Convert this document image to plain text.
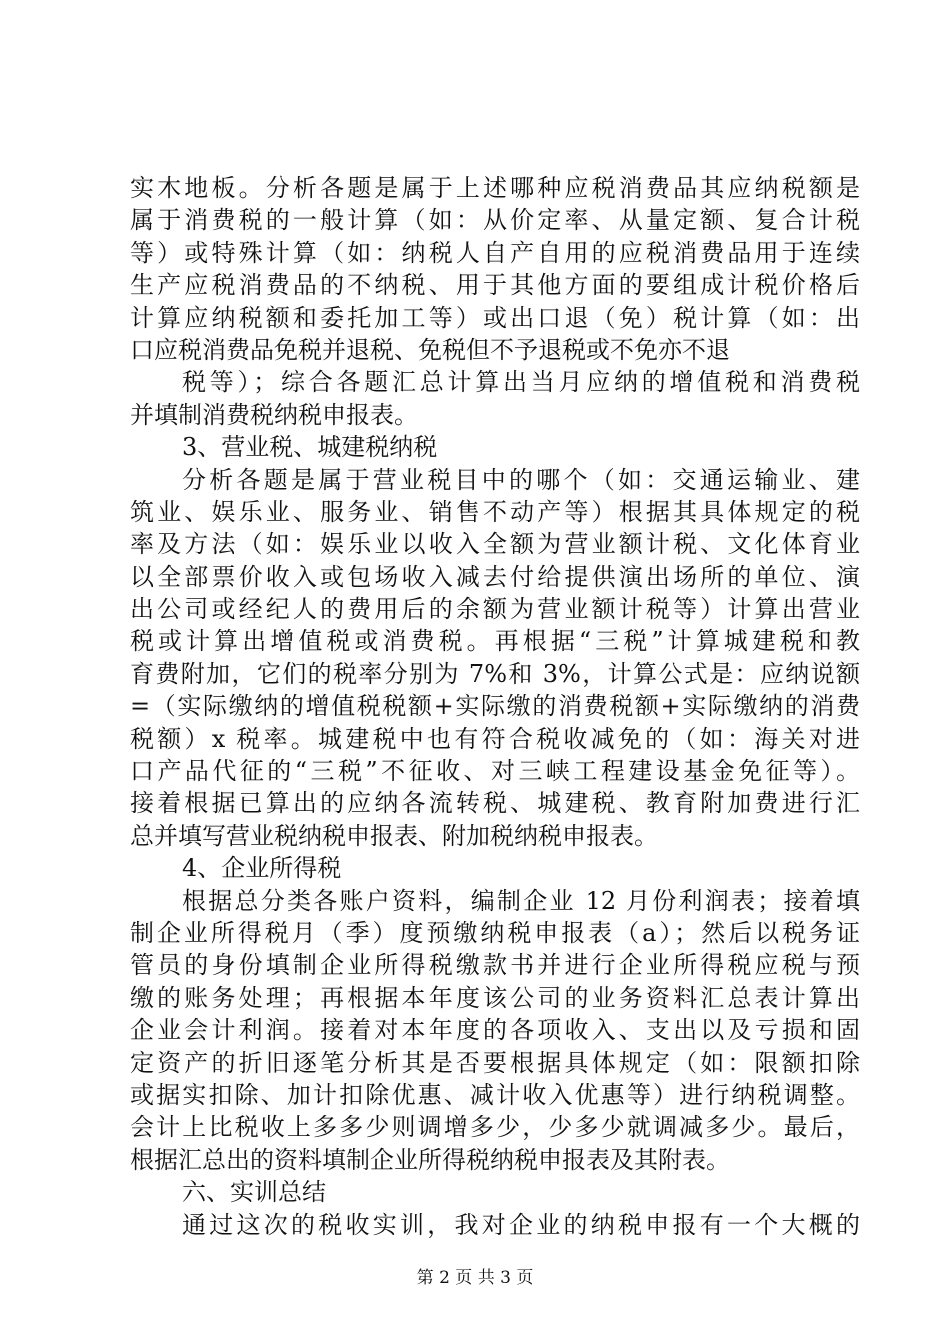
实木地板。分析各题是属于上述哪种应税消费品其应纳税额是
属于消费税的一般计算（如：从价定率、从量定额、复合计税
等）或特殊计算（如：纳税人自产自用的应税消费品用于连续
生产应税消费品的不纳税、用于其他方面的要组成计税价格后
计算应纳税额和委托加工等）或出口退（免）税计算（如：出
口应税消费品免税并退税、免税但不予退税或不免亦不退
税等）；综合各题汇总计算出当月应纳的增值税和消费税
并填制消费税纳税申报表。
3、营业税、城建税纳税
分析各题是属于营业税目中的哪个（如：交通运输业、建
筑业、娱乐业、服务业、销售不动产等）根据其具体规定的税
率及方法（如：娱乐业以收入全额为营业额计税、文化体育业
以全部票价收入或包场收入减去付给提供演出场所的单位、演
出公司或经纪人的费用后的余额为营业额计税等）计算出营业
税或计算出增值税或消费税。再根据“三税”计算城建税和教
育费附加，它们的税率分别为 7%和 3%，计算公式是：应纳说额
=（实际缴纳的增值税税额+实际缴的消费税额+实际缴纳的消费
税额）x 税率。城建税中也有符合税收减免的（如：海关对进
口产品代征的“三税”不征收、对三峡工程建设基金免征等）。
接着根据已算出的应纳各流转税、城建税、教育附加费进行汇
总并填写营业税纳税申报表、附加税纳税申报表。
4、企业所得税
根据总分类各账户资料，编制企业 12 月份利润表；接着填
制企业所得税月（季）度预缴纳税申报表（a）；然后以税务证
管员的身份填制企业所得税缴款书并进行企业所得税应税与预
缴的账务处理；再根据本年度该公司的业务资料汇总表计算出
企业会计利润。接着对本年度的各项收入、支出以及亏损和固
定资产的折旧逐笔分析其是否要根据具体规定（如：限额扣除
或据实扣除、加计扣除优惠、减计收入优惠等）进行纳税调整。
会计上比税收上多多少则调增多少，少多少就调减多少。最后，
根据汇总出的资料填制企业所得税纳税申报表及其附表。
六、实训总结
通过这次的税收实训，我对企业的纳税申报有一个大概的
第 2 页 共 3 页
